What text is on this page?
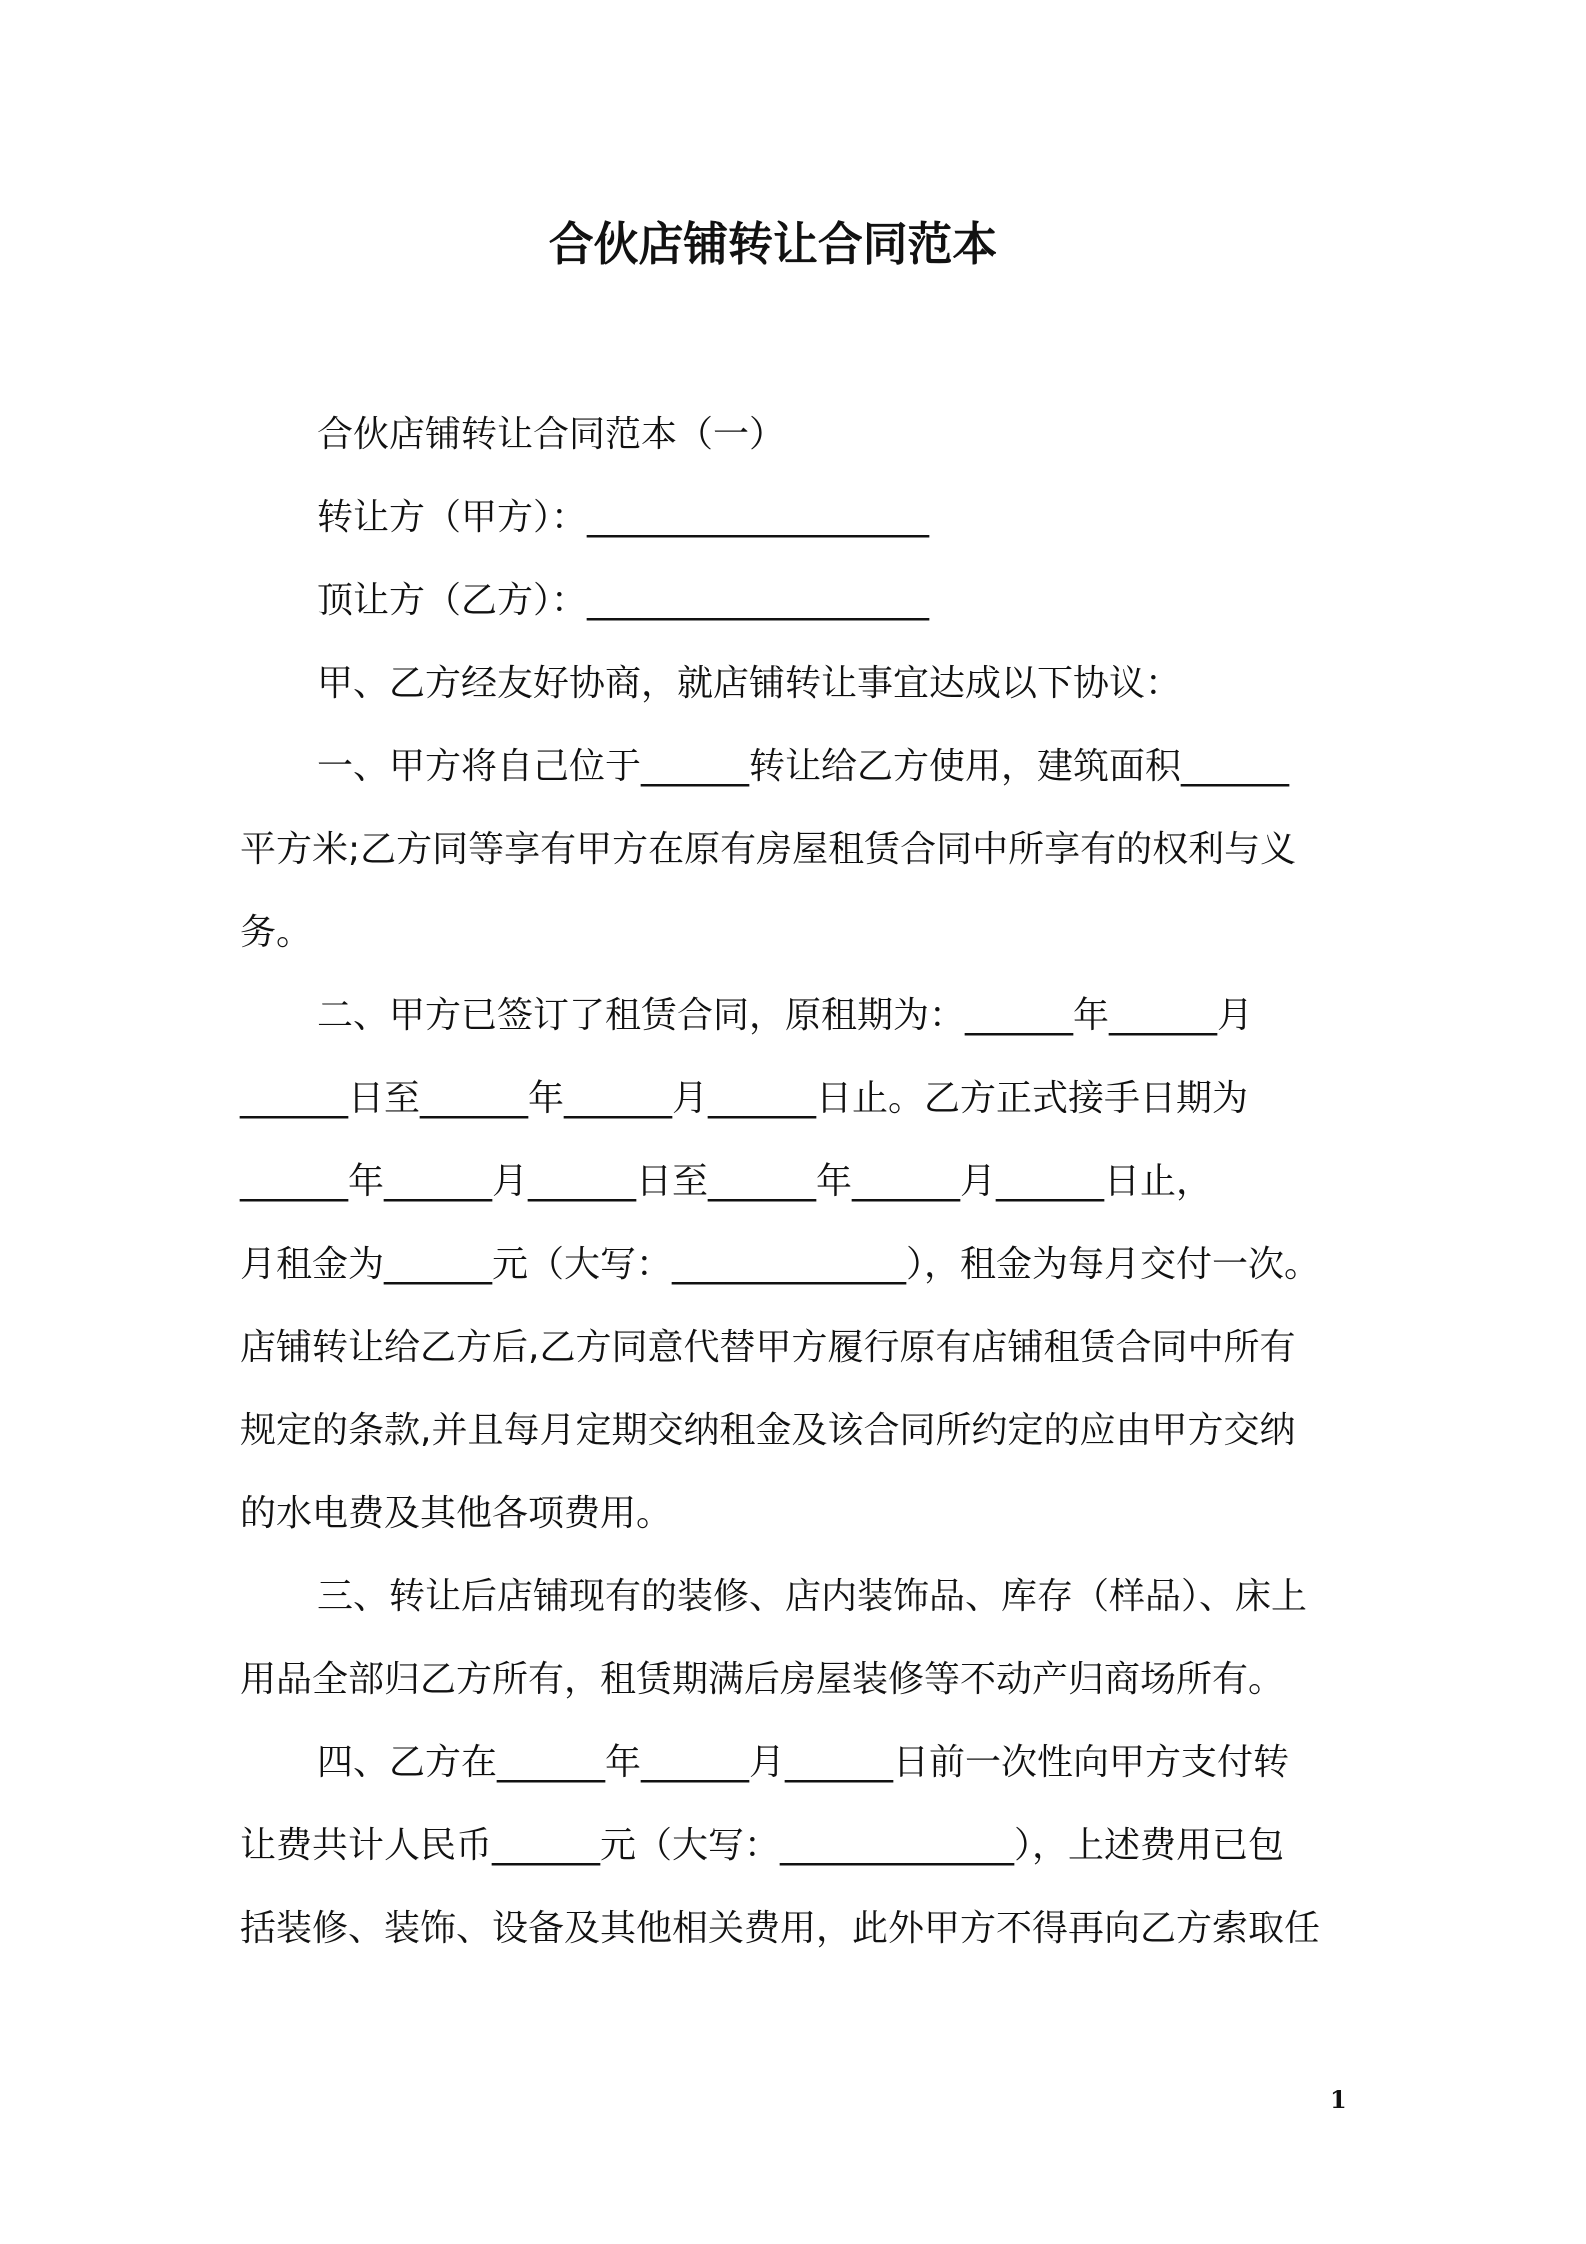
合伙店铺转让合同范本
合伙店铺转让合同范本（一）
转让方（甲方）：___________________
顶让方（乙方）：___________________
甲、乙方经友好协商，就店铺转让事宜达成以下协议：
一、甲方将自己位于______转让给乙方使用，建筑面积______
平方米;乙方同等享有甲方在原有房屋租赁合同中所享有的权利与义
务。
二、甲方已签订了租赁合同，原租期为：______年______月
______日至______年______月______日止。乙方正式接手日期为
______年______月______日至______年______月______日止，
月租金为______元（大写：_____________），租金为每月交付一次。
店铺转让给乙方后,乙方同意代替甲方履行原有店铺租赁合同中所有
规定的条款,并且每月定期交纳租金及该合同所约定的应由甲方交纳
的水电费及其他各项费用。
三、转让后店铺现有的装修、店内装饰品、库存（样品）、床上
用品全部归乙方所有，租赁期满后房屋装修等不动产归商场所有。
四、乙方在______年______月______日前一次性向甲方支付转
让费共计人民币______元（大写：_____________），上述费用已包
括装修、装饰、设备及其他相关费用，此外甲方不得再向乙方索取任
1
